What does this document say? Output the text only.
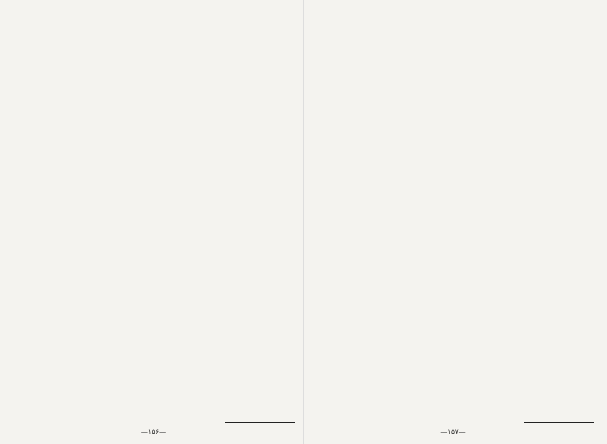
—۱۵۶—	—۱۵۷—
